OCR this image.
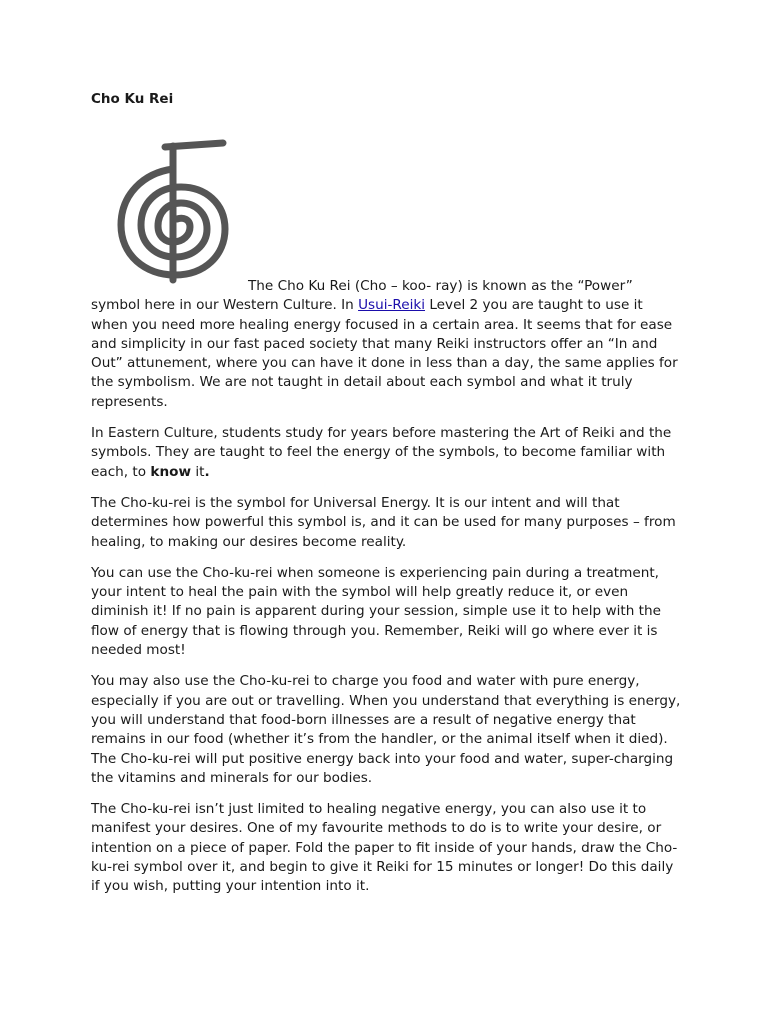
Cho Ku Rei

The Cho Ku Rei (Cho – koo- ray) is known as the “Power” symbol here in our Western Culture. In Usui-Reiki Level 2 you are taught to use it when you need more healing energy focused in a certain area. It seems that for ease and simplicity in our fast paced society that many Reiki instructors offer an “In and Out” attunement, where you can have it done in less than a day, the same applies for the symbolism. We are not taught in detail about each symbol and what it truly represents.

In Eastern Culture, students study for years before mastering the Art of Reiki and the symbols. They are taught to feel the energy of the symbols, to become familiar with each, to know it.

The Cho-ku-rei is the symbol for Universal Energy. It is our intent and will that determines how powerful this symbol is, and it can be used for many purposes – from healing, to making our desires become reality.

You can use the Cho-ku-rei when someone is experiencing pain during a treatment, your intent to heal the pain with the symbol will help greatly reduce it, or even diminish it! If no pain is apparent during your session, simple use it to help with the flow of energy that is flowing through you. Remember, Reiki will go where ever it is needed most!

You may also use the Cho-ku-rei to charge you food and water with pure energy, especially if you are out or travelling. When you understand that everything is energy, you will understand that food-born illnesses are a result of negative energy that remains in our food (whether it’s from the handler, or the animal itself when it died). The Cho-ku-rei will put positive energy back into your food and water, super-charging the vitamins and minerals for our bodies.

The Cho-ku-rei isn’t just limited to healing negative energy, you can also use it to manifest your desires. One of my favourite methods to do is to write your desire, or intention on a piece of paper. Fold the paper to fit inside of your hands, draw the Cho-ku-rei symbol over it, and begin to give it Reiki for 15 minutes or longer! Do this daily if you wish, putting your intention into it.
